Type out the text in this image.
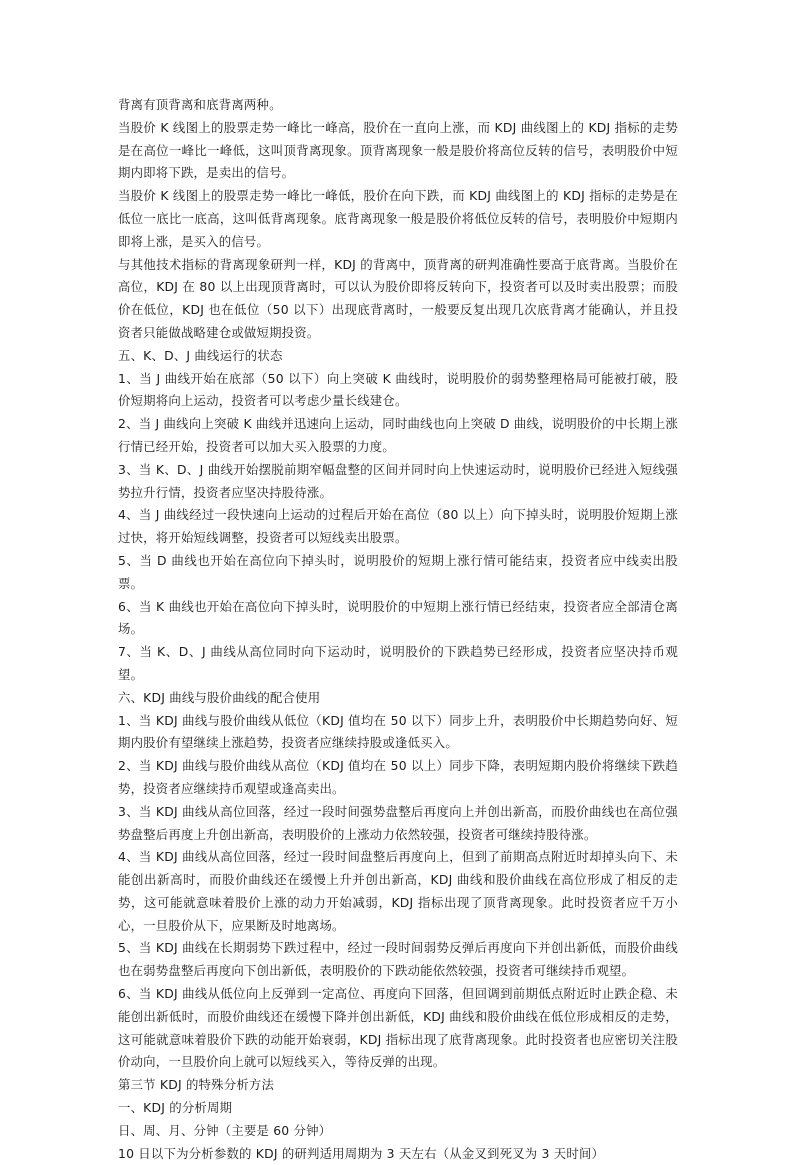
背离有顶背离和底背离两种。

当股价 K 线图上的股票走势一峰比一峰高，股价在一直向上涨，而 KDJ 曲线图上的 KDJ 指标的走势是在高位一峰比一峰低，这叫顶背离现象。顶背离现象一般是股价将高位反转的信号，表明股价中短期内即将下跌，是卖出的信号。

当股价 K 线图上的股票走势一峰比一峰低，股价在向下跌，而 KDJ 曲线图上的 KDJ 指标的走势是在低位一底比一底高，这叫低背离现象。底背离现象一般是股价将低位反转的信号，表明股价中短期内即将上涨，是买入的信号。

与其他技术指标的背离现象研判一样，KDJ 的背离中，顶背离的研判准确性要高于底背离。当股价在高位，KDJ 在 80 以上出现顶背离时，可以认为股价即将反转向下，投资者可以及时卖出股票；而股价在低位，KDJ 也在低位（50 以下）出现底背离时，一般要反复出现几次底背离才能确认，并且投资者只能做战略建仓或做短期投资。

五、K、D、J 曲线运行的状态

1、当 J 曲线开始在底部（50 以下）向上突破 K 曲线时，说明股价的弱势整理格局可能被打破，股价短期将向上运动，投资者可以考虑少量长线建仓。

2、当 J 曲线向上突破 K 曲线并迅速向上运动，同时曲线也向上突破 D 曲线，说明股价的中长期上涨行情已经开始，投资者可以加大买入股票的力度。

3、当 K、D、J 曲线开始摆脱前期窄幅盘整的区间并同时向上快速运动时，说明股价已经进入短线强势拉升行情，投资者应坚决持股待涨。

4、当 J 曲线经过一段快速向上运动的过程后开始在高位（80 以上）向下掉头时，说明股价短期上涨过快，将开始短线调整，投资者可以短线卖出股票。

5、当 D 曲线也开始在高位向下掉头时，说明股价的短期上涨行情可能结束，投资者应中线卖出股票。

6、当 K 曲线也开始在高位向下掉头时，说明股价的中短期上涨行情已经结束，投资者应全部清仓离场。

7、当 K、D、J 曲线从高位同时向下运动时，说明股价的下跌趋势已经形成，投资者应坚决持币观望。

六、KDJ 曲线与股价曲线的配合使用

1、当 KDJ 曲线与股价曲线从低位（KDJ 值均在 50 以下）同步上升，表明股价中长期趋势向好、短期内股价有望继续上涨趋势，投资者应继续持股或逢低买入。

2、当 KDJ 曲线与股价曲线从高位（KDJ 值均在 50 以上）同步下降，表明短期内股价将继续下跌趋势，投资者应继续持币观望或逢高卖出。

3、当 KDJ 曲线从高位回落，经过一段时间强势盘整后再度向上并创出新高，而股价曲线也在高位强势盘整后再度上升创出新高，表明股价的上涨动力依然较强，投资者可继续持股待涨。

4、当 KDJ 曲线从高位回落，经过一段时间盘整后再度向上，但到了前期高点附近时却掉头向下、未能创出新高时，而股价曲线还在缓慢上升并创出新高，KDJ 曲线和股价曲线在高位形成了相反的走势，这可能就意味着股价上涨的动力开始减弱，KDJ 指标出现了顶背离现象。此时投资者应千万小心，一旦股价从下，应果断及时地离场。

5、当 KDJ 曲线在长期弱势下跌过程中，经过一段时间弱势反弹后再度向下并创出新低，而股价曲线也在弱势盘整后再度向下创出新低，表明股价的下跌动能依然较强，投资者可继续持币观望。

6、当 KDJ 曲线从低位向上反弹到一定高位、再度向下回落，但回调到前期低点附近时止跌企稳、未能创出新低时，而股价曲线还在缓慢下降并创出新低，KDJ 曲线和股价曲线在低位形成相反的走势，这可能就意味着股价下跌的动能开始衰弱，KDJ 指标出现了底背离现象。此时投资者也应密切关注股价动向，一旦股价向上就可以短线买入，等待反弹的出现。

第三节 KDJ 的特殊分析方法

一、KDJ 的分析周期

日、周、月、分钟（主要是 60 分钟）

10 日以下为分析参数的 KDJ 的研判适用周期为 3 天左右（从金叉到死叉为 3 天时间）
